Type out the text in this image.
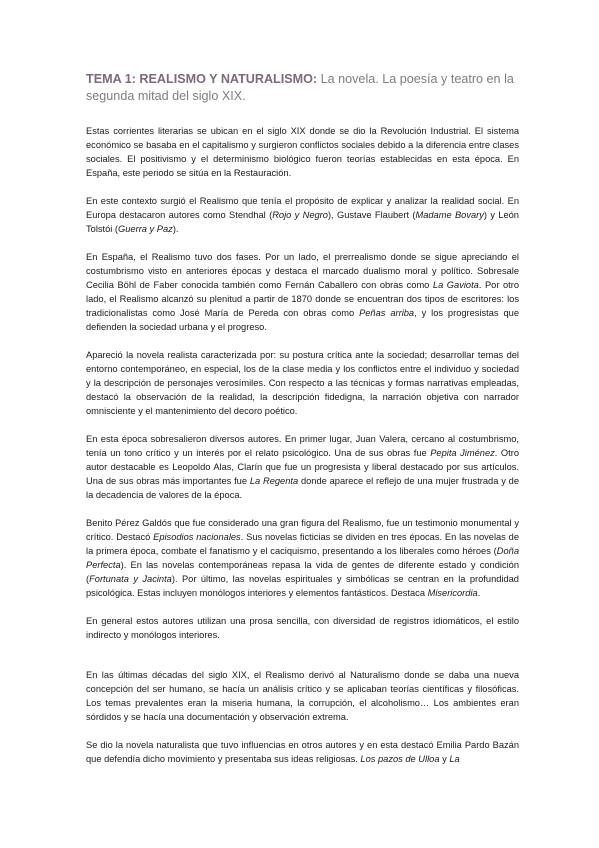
TEMA 1: REALISMO Y NATURALISMO: La novela. La poesía y teatro en la segunda mitad del siglo XIX.

Estas corrientes literarias se ubican en el siglo XIX donde se dio la Revolución Industrial. El sistema económico se basaba en el capitalismo y surgieron conflictos sociales debido a la diferencia entre clases sociales. El positivismo y el determinismo biológico fueron teorías establecidas en esta época. En España, este periodo se sitúa en la Restauración.

En este contexto surgió el Realismo que tenía el propósito de explicar y analizar la realidad social. En Europa destacaron autores como Stendhal (Rojo y Negro), Gustave Flaubert (Madame Bovary) y León Tolstói (Guerra y Paz).

En España, el Realismo tuvo dos fases. Por un lado, el prerrealismo donde se sigue apreciando el costumbrismo visto en anteriores épocas y destaca el marcado dualismo moral y político. Sobresale Cecilia Böhl de Faber conocida también como Fernán Caballero con obras como La Gaviota. Por otro lado, el Realismo alcanzó su plenitud a partir de 1870 donde se encuentran dos tipos de escritores: los tradicionalistas como José María de Pereda con obras como Peñas arriba, y los progresistas que defienden la sociedad urbana y el progreso.

Apareció la novela realista caracterizada por: su postura crítica ante la sociedad; desarrollar temas del entorno contemporáneo, en especial, los de la clase media y los conflictos entre el individuo y sociedad y la descripción de personajes verosímiles. Con respecto a las técnicas y formas narrativas empleadas, destacó la observación de la realidad, la descripción fidedigna, la narración objetiva con narrador omnisciente y el mantenimiento del decoro poético.

En esta época sobresalieron diversos autores. En primer lugar, Juan Valera, cercano al costumbrismo, tenía un tono crítico y un interés por el relato psicológico. Una de sus obras fue Pepita Jiménez. Otro autor destacable es Leopoldo Alas, Clarín que fue un progresista y liberal destacado por sus artículos. Una de sus obras más importantes fue La Regenta donde aparece el reflejo de una mujer frustrada y de la decadencia de valores de la época.

Benito Pérez Galdós que fue considerado una gran figura del Realismo, fue un testimonio monumental y crítico. Destacó Episodios nacionales. Sus novelas ficticias se dividen en tres épocas. En las novelas de la primera época, combate el fanatismo y el caciquismo, presentando a los liberales como héroes (Doña Perfecta). En las novelas contemporáneas repasa la vida de gentes de diferente estado y condición (Fortunata y Jacinta). Por último, las novelas espirituales y simbólicas se centran en la profundidad psicológica. Estas incluyen monólogos interiores y elementos fantásticos. Destaca Misericordia.

En general estos autores utilizan una prosa sencilla, con diversidad de registros idiomáticos, el estilo indirecto y monólogos interiores.

En las últimas décadas del siglo XIX, el Realismo derivó al Naturalismo donde se daba una nueva concepción del ser humano, se hacía un análisis crítico y se aplicaban teorías científicas y filosóficas. Los temas prevalentes eran la miseria humana, la corrupción, el alcoholismo… Los ambientes eran sórdidos y se hacía una documentación y observación extrema.

Se dio la novela naturalista que tuvo influencias en otros autores y en esta destacó Emilia Pardo Bazán que defendía dicho movimiento y presentaba sus ideas religiosas. Los pazos de Ulloa y La
